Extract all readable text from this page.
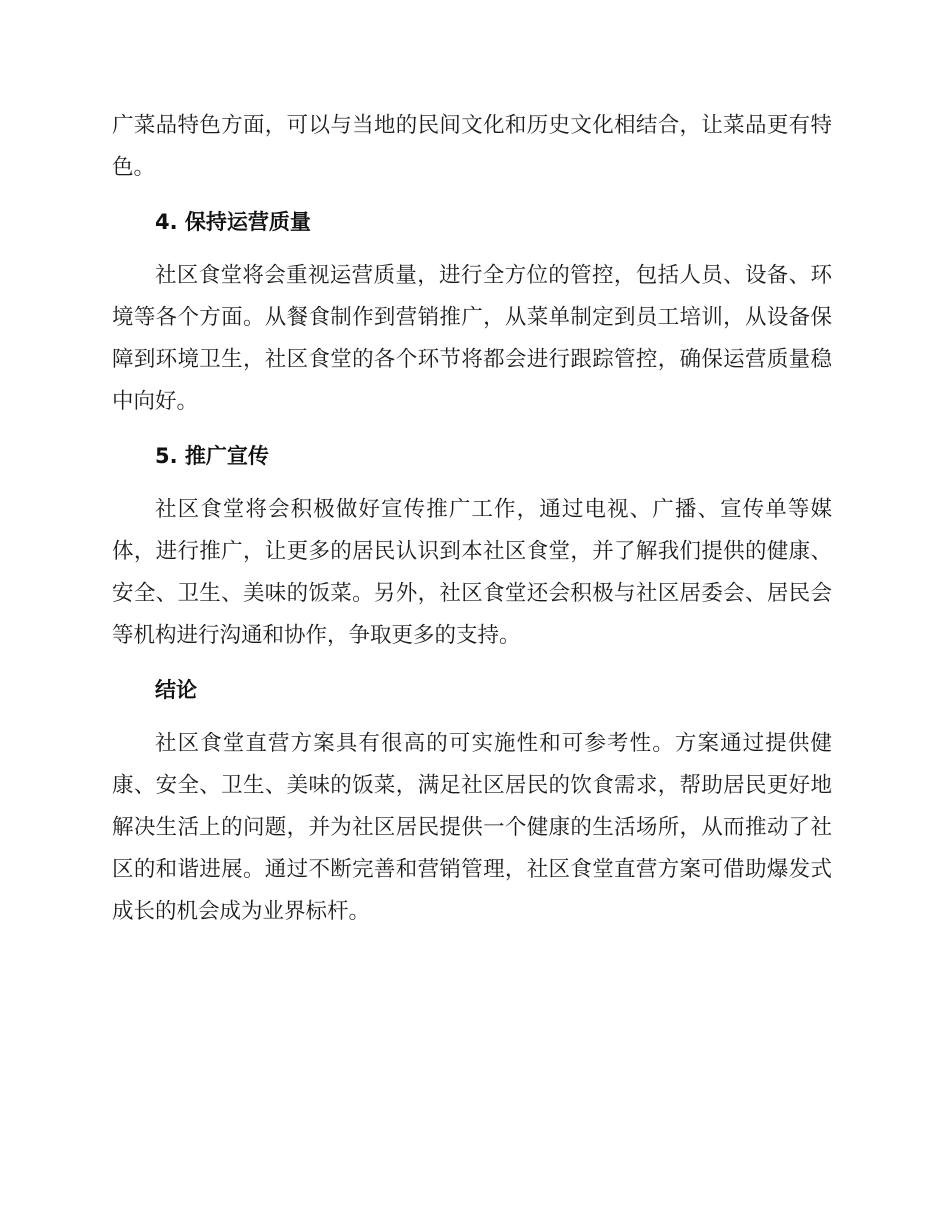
广菜品特色方面，可以与当地的民间文化和历史文化相结合，让菜品更有特色。

4. 保持运营质量

社区食堂将会重视运营质量，进行全方位的管控，包括人员、设备、环境等各个方面。从餐食制作到营销推广，从菜单制定到员工培训，从设备保障到环境卫生，社区食堂的各个环节将都会进行跟踪管控，确保运营质量稳中向好。

5. 推广宣传

社区食堂将会积极做好宣传推广工作，通过电视、广播、宣传单等媒体，进行推广，让更多的居民认识到本社区食堂，并了解我们提供的健康、安全、卫生、美味的饭菜。另外，社区食堂还会积极与社区居委会、居民会等机构进行沟通和协作，争取更多的支持。

结论

社区食堂直营方案具有很高的可实施性和可参考性。方案通过提供健康、安全、卫生、美味的饭菜，满足社区居民的饮食需求，帮助居民更好地解决生活上的问题，并为社区居民提供一个健康的生活场所，从而推动了社区的和谐进展。通过不断完善和营销管理，社区食堂直营方案可借助爆发式成长的机会成为业界标杆。
